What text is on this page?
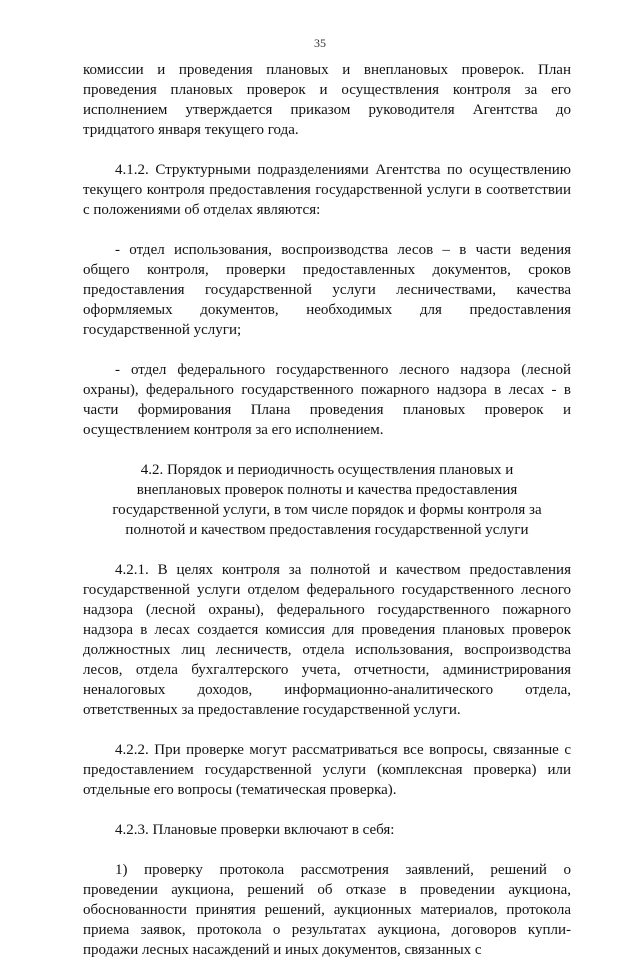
35

комиссии и проведения плановых и внеплановых проверок. План проведения плановых проверок и осуществления контроля за его исполнением утверждается приказом руководителя Агентства до тридцатого января текущего года.

4.1.2. Структурными подразделениями Агентства по осуществлению текущего контроля предоставления государственной услуги в соответствии с положениями об отделах являются:

- отдел использования, воспроизводства лесов – в части ведения общего контроля, проверки предоставленных документов, сроков предоставления государственной услуги лесничествами, качества оформляемых документов, необходимых для предоставления государственной услуги;

- отдел федерального государственного лесного надзора (лесной охраны), федерального государственного пожарного надзора в лесах - в части формирования Плана проведения плановых проверок и осуществлением контроля за его исполнением.

4.2. Порядок и периодичность осуществления плановых и внеплановых проверок полноты и качества предоставления государственной услуги, в том числе порядок и формы контроля за полнотой и качеством предоставления государственной услуги

4.2.1. В целях контроля за полнотой и качеством предоставления государственной услуги отделом федерального государственного лесного надзора (лесной охраны), федерального государственного пожарного надзора в лесах создается комиссия для проведения плановых проверок должностных лиц лесничеств, отдела использования, воспроизводства лесов, отдела бухгалтерского учета, отчетности, администрирования неналоговых доходов, информационно-аналитического отдела, ответственных за предоставление государственной услуги.

4.2.2. При проверке могут рассматриваться все вопросы, связанные с предоставлением государственной услуги (комплексная проверка) или отдельные его вопросы (тематическая проверка).

4.2.3. Плановые проверки включают в себя:

1) проверку протокола рассмотрения заявлений, решений о проведении аукциона, решений об отказе в проведении аукциона, обоснованности принятия решений, аукционных материалов, протокола приема заявок, протокола о результатах аукциона, договоров купли-продажи лесных насаждений и иных документов, связанных с
